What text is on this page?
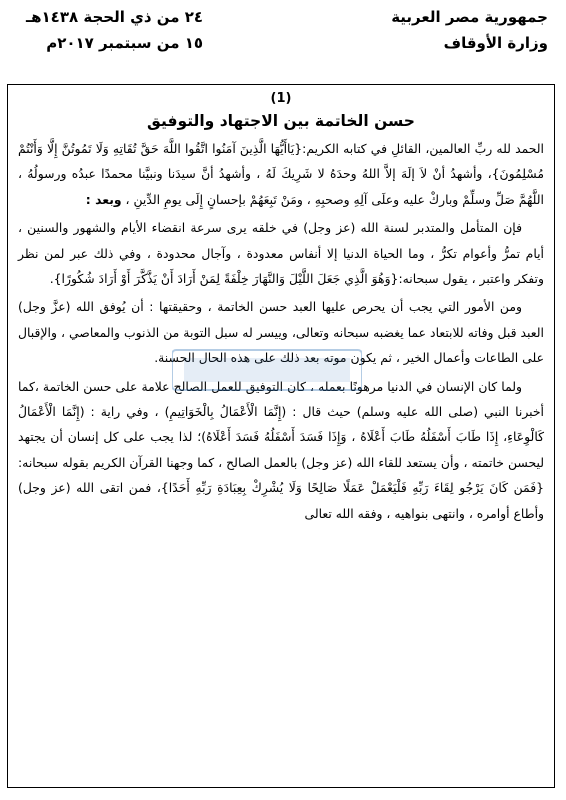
جمهورية مصر العربية
وزارة الأوقاف
٢٤ من ذي الحجة ١٤٣٨هـ
١٥ من سبتمبر ٢٠١٧م
(1)
حسن الخاتمة بين الاجتهاد والتوفيق

الحمد لله ربِّ العالمين، القائلِ في كتابه الكريم:{يَاأَيُّهَا الَّذِينَ آمَنُوا اتَّقُوا اللَّهَ حَقَّ تُقَاتِهِ وَلَا تَمُوتُنَّ إِلَّا وَأَنْتُمْ مُسْلِمُونَ}، وأشهدُ أنْ لاَ إلَهَ إلاَّ اللهُ وحدَهُ لا شَرِيكَ لَهُ ، وأشهدُ أنَّ سيدَنا ونبيَّنا محمدًا عبدُه ورسولُهُ ، اللَّهُمَّ صَلِّ وسلِّمْ وباركْ عليه وعلَى آلِهِ وصحبِهِ ، ومَنْ تَبِعَهُمْ بإحسانٍ إِلَى يومِ الدِّينِ ، وبعد :

فإن المتأمل والمتدبر لسنة الله (عز وجل) في خلقه يرى سرعة انقضاء الأيام والشهور والسنين ، أيام تمرُّ وأعوام تكرُّ ، وما الحياة الدنيا إلا أنفاس معدودة ، وآجال محدودة ، وفي ذلك عبر لمن نظر وتفكر واعتبر ، يقول سبحانه:{وَهُوَ الَّذِي جَعَلَ اللَّيْلَ وَالنَّهَارَ خِلْفَةً لِمَنْ أَرَادَ أَنْ يَذَّكَّرَ أَوْ أَرَادَ شُكُورًا}.

ومن الأمور التي يجب أن يحرص عليها العبد حسن الخاتمة ، وحقيقتها : أن يُوفق الله (عزَّ وجل) العبد قبل وفاته للابتعاد عما يغضبه سبحانه وتعالى، وييسر له سبل التوبة من الذنوب والمعاصي ، والإقبال على الطاعات وأعمال الخير ، ثم يكون موته بعد ذلك على هذه الحال الحسنة.

ولما كان الإنسان في الدنيا مرهونًا بعمله ، كان التوفيق للعمل الصالح علامة على حسن الخاتمة ،كما أخبرنا النبي (صلى الله عليه وسلم) حيث قال : (إِنَّمَا الْأَعْمَالُ بِالْخَوَاتِيمِ) ، وفي راية : (إِنَّمَا الْأَعْمَالُ كَالْوِعَاءِ، إِذَا طَابَ أَسْفَلُهُ طَابَ أَعْلَاهُ ، وَإِذَا فَسَدَ أَسْفَلُهُ فَسَدَ أَعْلَاهُ)؛ لذا يجب على كل إنسان أن يجتهد ليحسن خاتمته ، وأن يستعد للقاء الله (عز وجل) بالعمل الصالح ، كما وجهنا القرآن الكريم بقوله سبحانه: {فَمَن كَانَ يَرْجُو لِقَاءَ رَبِّهِ فَلْيَعْمَلْ عَمَلًا صَالِحًا وَلَا يُشْرِكْ بِعِبَادَةِ رَبِّهِ أَحَدًا}، فمن اتقى الله (عز وجل) وأطاع أوامره ، وانتهى بنواهيه ، وفقه الله تعالى
